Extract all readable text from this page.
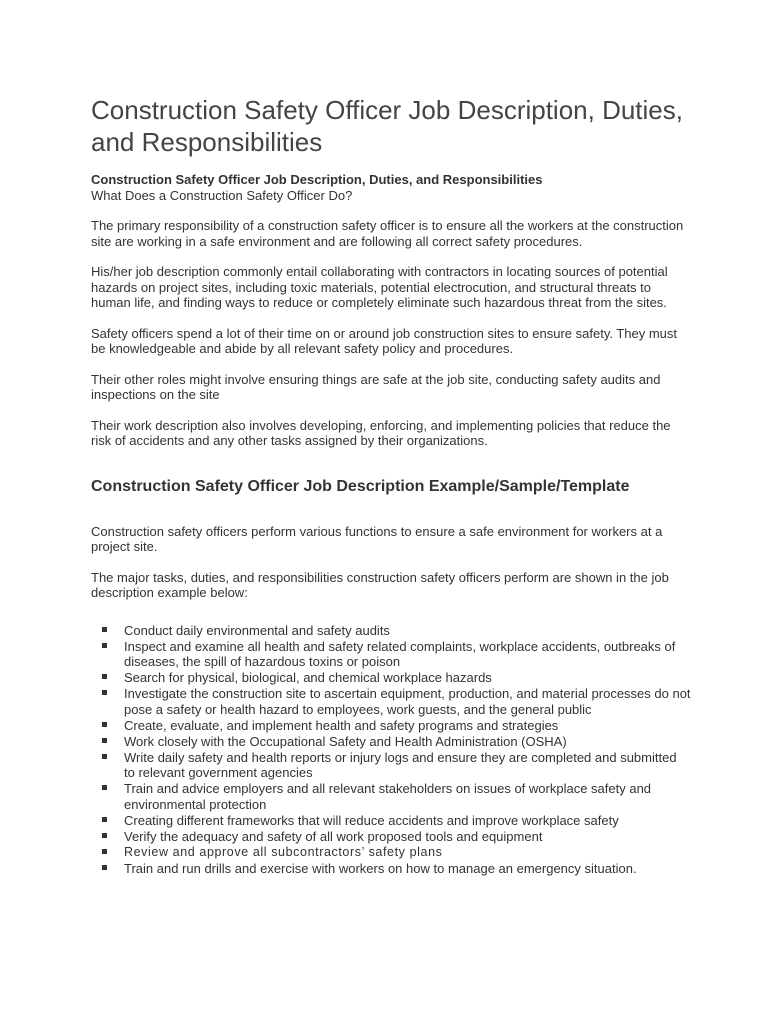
Construction Safety Officer Job Description, Duties, and Responsibilities
Construction Safety Officer Job Description, Duties, and Responsibilities
What Does a Construction Safety Officer Do?

The primary responsibility of a construction safety officer is to ensure all the workers at the construction site are working in a safe environment and are following all correct safety procedures.

His/her job description commonly entail collaborating with contractors in locating sources of potential hazards on project sites, including toxic materials, potential electrocution, and structural threats to human life, and finding ways to reduce or completely eliminate such hazardous threat from the sites.

Safety officers spend a lot of their time on or around job construction sites to ensure safety. They must be knowledgeable and abide by all relevant safety policy and procedures.

Their other roles might involve ensuring things are safe at the job site, conducting safety audits and inspections on the site

Their work description also involves developing, enforcing, and implementing policies that reduce the risk of accidents and any other tasks assigned by their organizations.

Construction Safety Officer Job Description Example/Sample/Template

Construction safety officers perform various functions to ensure a safe environment for workers at a project site.

The major tasks, duties, and responsibilities construction safety officers perform are shown in the job description example below:

Conduct daily environmental and safety audits
Inspect and examine all health and safety related complaints, workplace accidents, outbreaks of diseases, the spill of hazardous toxins or poison
Search for physical, biological, and chemical workplace hazards
Investigate the construction site to ascertain equipment, production, and material processes do not pose a safety or health hazard to employees, work guests, and the general public
Create, evaluate, and implement health and safety programs and strategies
Work closely with the Occupational Safety and Health Administration (OSHA)
Write daily safety and health reports or injury logs and ensure they are completed and submitted to relevant government agencies
Train and advice employers and all relevant stakeholders on issues of workplace safety and environmental protection
Creating different frameworks that will reduce accidents and improve workplace safety
Verify the adequacy and safety of all work proposed tools and equipment
Review and approve all subcontractors’ safety plans
Train and run drills and exercise with workers on how to manage an emergency situation.
